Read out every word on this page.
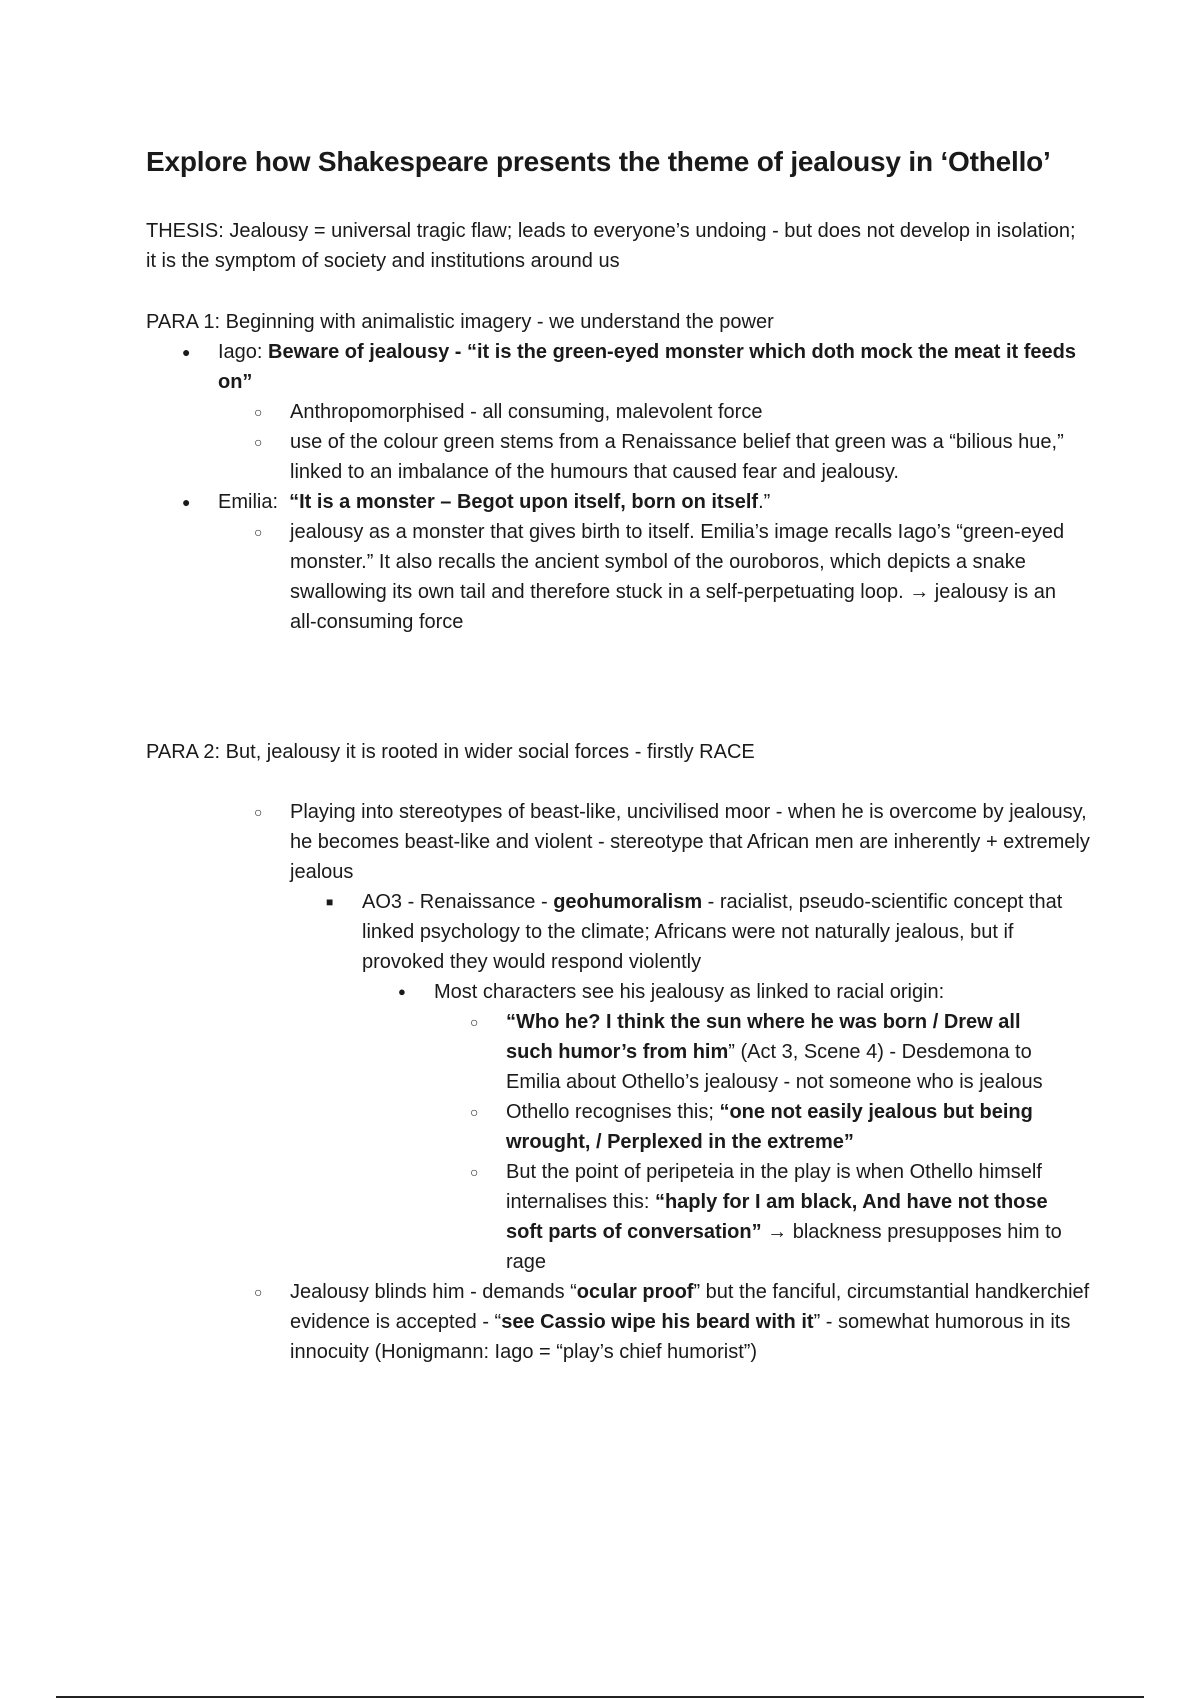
Explore how Shakespeare presents the theme of jealousy in ‘Othello’

THESIS: Jealousy = universal tragic flaw; leads to everyone’s undoing - but does not develop in isolation; it is the symptom of society and institutions around us

PARA 1: Beginning with animalistic imagery - we understand the power

●
Iago: Beware of jealousy - “it is the green-eyed monster which doth mock the meat it feeds on”
○
Anthropomorphised - all consuming, malevolent force
○
use of the colour green stems from a Renaissance belief that green was a “bilious hue,” linked to an imbalance of the humours that caused fear and jealousy.
●
Emilia:  “It is a monster – Begot upon itself, born on itself.”
○
jealousy as a monster that gives birth to itself. Emilia’s image recalls Iago’s “green-eyed monster.” It also recalls the ancient symbol of the ouroboros, which depicts a snake swallowing its own tail and therefore stuck in a self-perpetuating loop. → jealousy is an all-consuming force

PARA 2: But, jealousy it is rooted in wider social forces - firstly RACE

○
Playing into stereotypes of beast-like, uncivilised moor - when he is overcome by jealousy, he becomes beast-like and violent - stereotype that African men are inherently + extremely jealous
■
AO3 - Renaissance - geohumoralism - racialist, pseudo-scientific concept that linked psychology to the climate; Africans were not naturally jealous, but if provoked they would respond violently
●
Most characters see his jealousy as linked to racial origin:
○
“Who he? I think the sun where he was born / Drew all such humor’s from him” (Act 3, Scene 4) - Desdemona to Emilia about Othello’s jealousy - not someone who is jealous
○
Othello recognises this; “one not easily jealous but being wrought, / Perplexed in the extreme”
○
But the point of peripeteia in the play is when Othello himself internalises this: “haply for I am black, And have not those soft parts of conversation” → blackness presupposes him to rage
○
Jealousy blinds him - demands “ocular proof” but the fanciful, circumstantial handkerchief evidence is accepted - “see Cassio wipe his beard with it” - somewhat humorous in its innocuity (Honigmann: Iago = “play’s chief humorist”)
